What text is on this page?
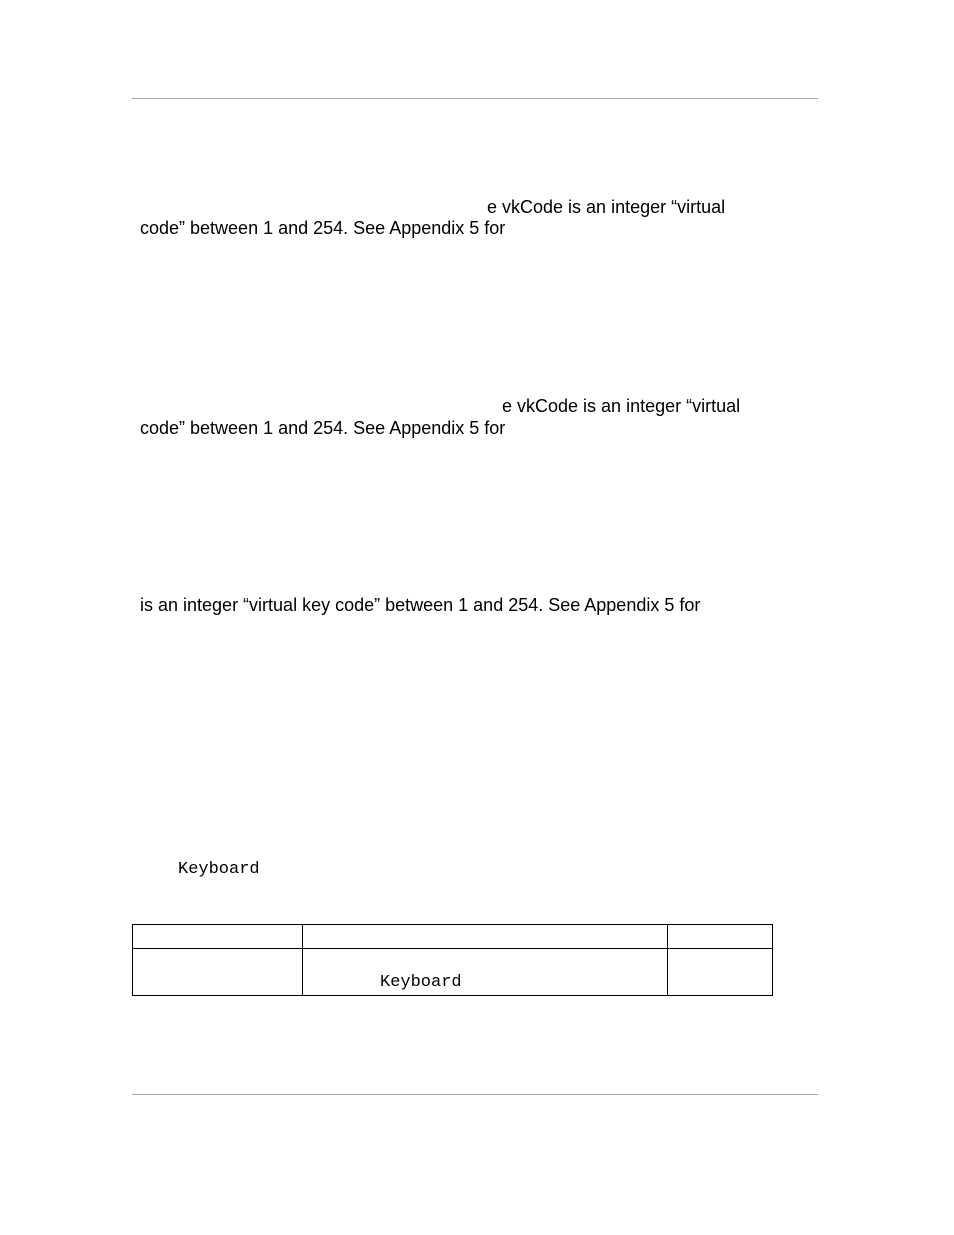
e vkCode is an integer “virtual
code” between 1 and 254. See Appendix 5 for
e vkCode is an integer “virtual
code” between 1 and 254. See Appendix 5 for
is an integer “virtual key code” between 1 and 254. See Appendix 5 for
Keyboard

	Keyboard	
